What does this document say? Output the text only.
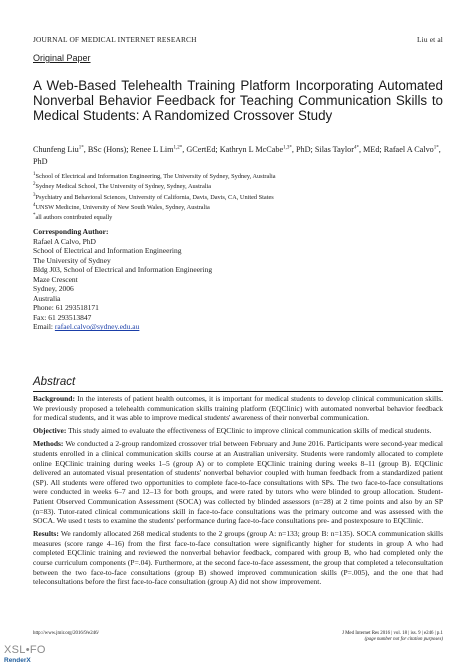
JOURNAL OF MEDICAL INTERNET RESEARCH	Liu et al
Original Paper
A Web-Based Telehealth Training Platform Incorporating Automated Nonverbal Behavior Feedback for Teaching Communication Skills to Medical Students: A Randomized Crossover Study
Chunfeng Liu$^{1*}$, BSc (Hons); Renee L Lim$^{1,2*}$, GCertEd; Kathryn L McCabe$^{1,3*}$, PhD; Silas Taylor$^{4*}$, MEd; Rafael A Calvo$^{1*}$, PhD
$^1$School of Electrical and Information Engineering, The University of Sydney, Sydney, Australia
$^2$Sydney Medical School, The University of Sydney, Sydney, Australia
$^3$Psychiatry and Behavioral Sciences, University of California, Davis, Davis, CA, United States
$^4$UNSW Medicine, University of New South Wales, Sydney, Australia
*all authors contributed equally
Corresponding Author:
Rafael A Calvo, PhD
School of Electrical and Information Engineering
The University of Sydney
Bldg J03, School of Electrical and Information Engineering
Maze Crescent
Sydney, 2006
Australia
Phone: 61 293518171
Fax: 61 293513847
Email: rafael.calvo@sydney.edu.au
Abstract

Background: In the interests of patient health outcomes, it is important for medical students to develop clinical communication skills. We previously proposed a telehealth communication skills training platform (EQClinic) with automated nonverbal behavior feedback for medical students, and it was able to improve medical students' awareness of their nonverbal communication.

Objective: This study aimed to evaluate the effectiveness of EQClinic to improve clinical communication skills of medical students.

Methods: We conducted a 2-group randomized crossover trial between February and June 2016. Participants were second-year medical students enrolled in a clinical communication skills course at an Australian university. Students were randomly allocated to complete online EQClinic training during weeks 1–5 (group A) or to complete EQClinic training during weeks 8–11 (group B). EQClinic delivered an automated visual presentation of students' nonverbal behavior coupled with human feedback from a standardized patient (SP). All students were offered two opportunities to complete face-to-face consultations with SPs. The two face-to-face consultations were conducted in weeks 6–7 and 12–13 for both groups, and were rated by tutors who were blinded to group allocation. Student-Patient Observed Communication Assessment (SOCA) was collected by blinded assessors (n=28) at 2 time points and also by an SP (n=83). Tutor-rated clinical communications skill in face-to-face consultations was the primary outcome and was assessed with the SOCA. We used t tests to examine the students' performance during face-to-face consultations pre- and postexposure to EQClinic.

Results: We randomly allocated 268 medical students to the 2 groups (group A: n=133; group B: n=135). SOCA communication skills measures (score range 4–16) from the first face-to-face consultation were significantly higher for students in group A who had completed EQClinic training and reviewed the nonverbal behavior feedback, compared with group B, who had completed only the course curriculum components (P=.04). Furthermore, at the second face-to-face assessment, the group that completed a teleconsultation between the two face-to-face consultations (group B) showed improved communication skills (P=.005), and the one that had teleconsultations before the first face-to-face consultation (group A) did not show improvement.

http://www.jmir.org/2016/9/e246/	J Med Internet Res 2016 | vol. 18 | iss. 9 | e246 | p.1
(page number not for citation purposes)
XSL•FO
RenderX
